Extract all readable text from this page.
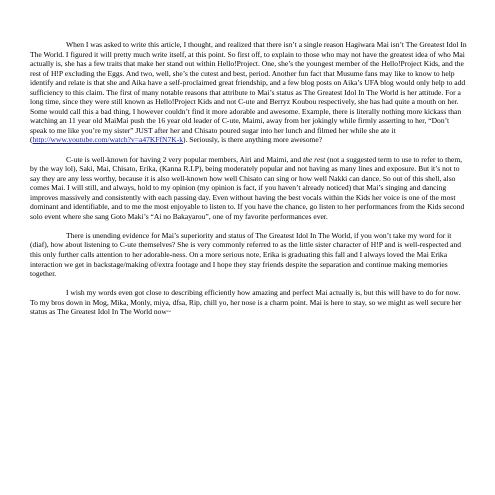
When I was asked to write this article, I thought, and realized that there isn’t a single reason Hagiwara Mai isn’t The Greatest Idol In The World. I figured it will pretty much write itself, at this point. So first off, to explain to those who may not have the greatest idea of who Mai actually is, she has a few traits that make her stand out within Hello!Project. One, she’s the youngest member of the Hello!Project Kids, and the rest of H!P excluding the Eggs. And two, well, she’s the cutest and best, period. Another fun fact that Musume fans may like to know to help identify and relate is that she and Aika have a self-proclaimed great friendship, and a few blog posts on Aika’s UFA blog would only help to add sufficiency to this claim. The first of many notable reasons that attribute to Mai’s status as The Greatest Idol In The World is her attitude. For a long time, since they were still known as Hello!Project Kids and not C-ute and Berryz Koubou respectively, she has had quite a mouth on her. Some would call this a bad thing, I however couldn’t find it more adorable and awesome. Example, there is literally nothing more kickass than watching an 11 year old MaiMai push the 16 year old leader of C-ute, Maimi, away from her jokingly while firmly asserting to her, “Don’t speak to me like you’re my sister” JUST after her and Chisato poured sugar into her lunch and filmed her while she ate it (http://www.youtube.com/watch?v=a47KFfN7K-k). Seriously, is there anything more awesome?

C-ute is well-known for having 2 very popular members, Airi and Maimi, and the rest (not a suggested term to use to refer to them, by the way lol), Saki, Mai, Chisato, Erika, (Kanna R.I.P), being moderately popular and not having as many lines and exposure. But it’s not to say they are any less worthy, because it is also well-known how well Chisato can sing or how well Nakki can dance. So out of this shell, also comes Mai. I will still, and always, hold to my opinion (my opinion is fact, if you haven’t already noticed) that Mai’s singing and dancing improves massively and consistently with each passing day. Even without having the best vocals within the Kids her voice is one of the most dominant and identifiable, and to me the most enjoyable to listen to. If you have the chance, go listen to her performances from the Kids second solo event where she sang Goto Maki’s “Ai no Bakayarou”, one of my favorite performances ever.

There is unending evidence for Mai’s superiority and status of The Greatest Idol In The World, if you won’t take my word for it (diaf), how about listening to C-ute themselves? She is very commonly referred to as the little sister character of H!P and is well-respected and this only further calls attention to her adorable-ness. On a more serious note, Erika is graduating this fall and I always loved the Mai Erika interaction we get in backstage/making of/extra footage and I hope they stay friends despite the separation and continue making memories together.

I wish my words even got close to describing efficiently how amazing and perfect Mai actually is, but this will have to do for now. To my bros down in Mog, Mika, Monly, miya, dfsa, Rip, chill yo, her nose is a charm point. Mai is here to stay, so we might as well secure her status as The Greatest Idol In The World now~
